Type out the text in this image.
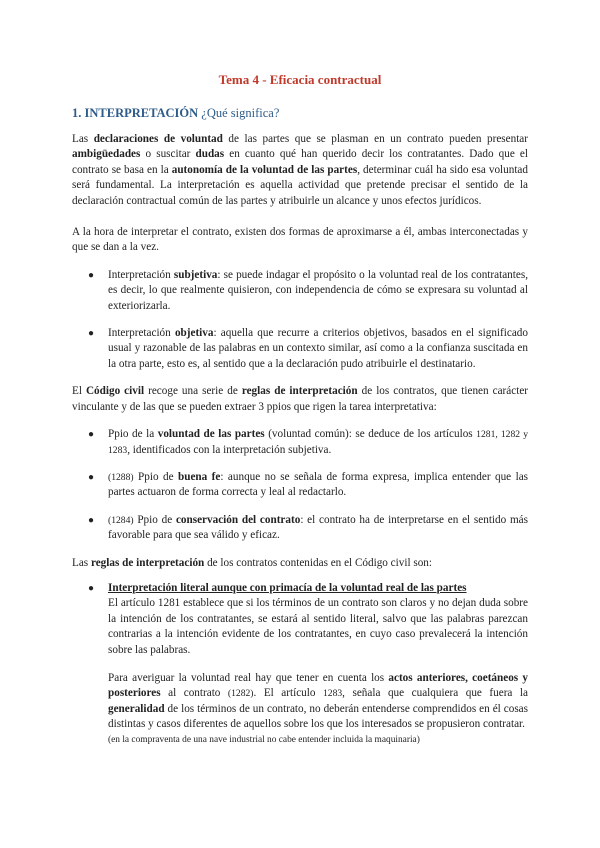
Tema 4 - Eficacia contractual
1. INTERPRETACIÓN ¿Qué significa?

Las declaraciones de voluntad de las partes que se plasman en un contrato pueden presentar ambigüedades o suscitar dudas en cuanto qué han querido decir los contratantes. Dado que el contrato se basa en la autonomía de la voluntad de las partes, determinar cuál ha sido esa voluntad será fundamental. La interpretación es aquella actividad que pretende precisar el sentido de la declaración contractual común de las partes y atribuirle un alcance y unos efectos jurídicos.

A la hora de interpretar el contrato, existen dos formas de aproximarse a él, ambas interconectadas y que se dan a la vez.

● Interpretación subjetiva: se puede indagar el propósito o la voluntad real de los contratantes, es decir, lo que realmente quisieron, con independencia de cómo se expresara su voluntad al exteriorizarla.
● Interpretación objetiva: aquella que recurre a criterios objetivos, basados en el significado usual y razonable de las palabras en un contexto similar, así como a la confianza suscitada en la otra parte, esto es, al sentido que a la declaración pudo atribuirle el destinatario.

El Código civil recoge una serie de reglas de interpretación de los contratos, que tienen carácter vinculante y de las que se pueden extraer 3 ppios que rigen la tarea interpretativa:

● Ppio de la voluntad de las partes (voluntad común): se deduce de los artículos 1281, 1282 y 1283, identificados con la interpretación subjetiva.
● (1288) Ppio de buena fe: aunque no se señala de forma expresa, implica entender que las partes actuaron de forma correcta y leal al redactarlo.
● (1284) Ppio de conservación del contrato: el contrato ha de interpretarse en el sentido más favorable para que sea válido y eficaz.

Las reglas de interpretación de los contratos contenidas en el Código civil son:

● Interpretación literal aunque con primacía de la voluntad real de las partes

El artículo 1281 establece que si los términos de un contrato son claros y no dejan duda sobre la intención de los contratantes, se estará al sentido literal, salvo que las palabras parezcan contrarias a la intención evidente de los contratantes, en cuyo caso prevalecerá la intención sobre las palabras.

Para averiguar la voluntad real hay que tener en cuenta los actos anteriores, coetáneos y posteriores al contrato (1282). El artículo 1283, señala que cualquiera que fuera la generalidad de los términos de un contrato, no deberán entenderse comprendidos en él cosas distintas y casos diferentes de aquellos sobre los que los interesados se propusieron contratar.

(en la compraventa de una nave industrial no cabe entender incluida la maquinaria)
